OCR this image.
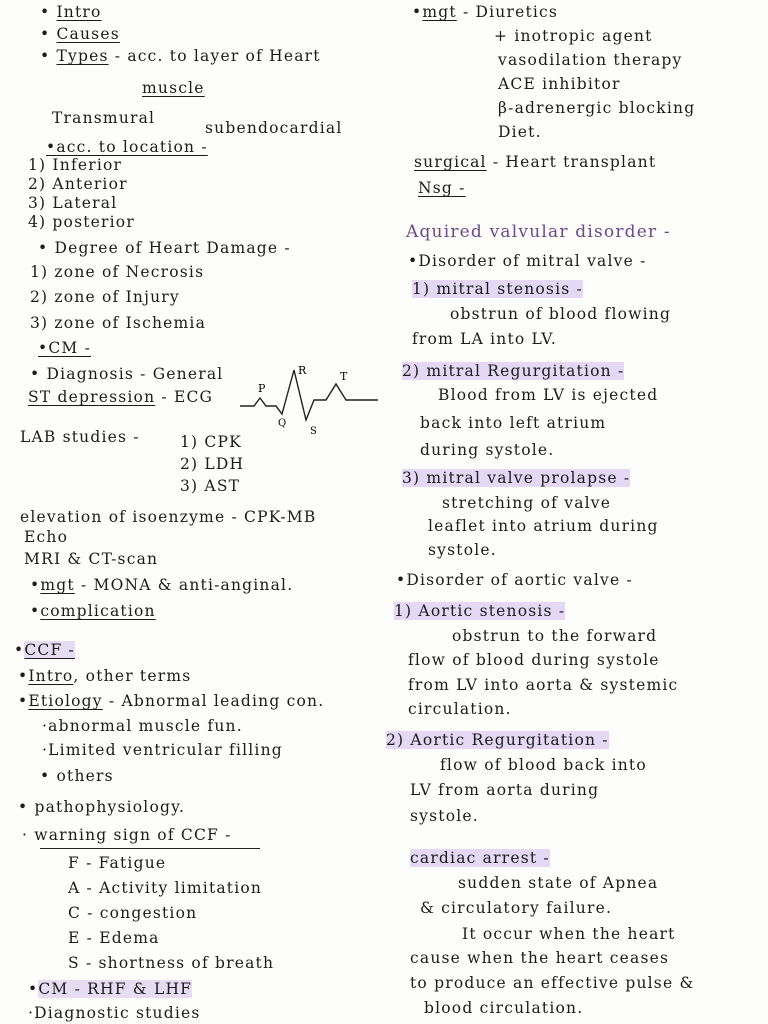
• Intro
• Causes
• Types - acc. to layer of Heart
muscle
Transmural
subendocardial
•acc. to location -
1) Inferior
2) Anterior
3) Lateral
4) posterior
• Degree of Heart Damage -
1) zone of Necrosis
2) zone of Injury
3) zone of Ischemia
•CM -
• Diagnosis - General
ST depression - ECG	P
R	T
Q
S
LAB studies -	1) CPK
2) LDH
3) AST
elevation of isoenzyme - CPK-MB
Echo
MRI & CT-scan
•mgt - MONA & anti-anginal.
•complication
•CCF -
•Intro, other terms
•Etiology - Abnormal leading con.
·abnormal muscle fun.
·Limited ventricular filling
• others
• pathophysiology.
· warning sign of CCF -
F - Fatigue
A - Activity limitation
C - congestion
E - Edema
S - shortness of breath
•CM - RHF & LHF
·Diagnostic studies
•mgt - Diuretics
+ inotropic agent
vasodilation therapy
ACE inhibitor
β-adrenergic blocking
Diet.
surgical - Heart transplant
Nsg -
Aquired valvular disorder -
•Disorder of mitral valve -
1) mitral stenosis -
obstrun of blood flowing
from LA into LV.
2) mitral Regurgitation -
Blood from LV is ejected
back into left atrium
during systole.
3) mitral valve prolapse -
stretching of valve
leaflet into atrium during
systole.
•Disorder of aortic valve -
1) Aortic stenosis -
obstrun to the forward
flow of blood during systole
from LV into aorta & systemic
circulation.
2) Aortic Regurgitation -
flow of blood back into
LV from aorta during
systole.
cardiac arrest -
sudden state of Apnea
& circulatory failure.
It occur when the heart
cause when the heart ceases
to produce an effective pulse &
blood circulation.
